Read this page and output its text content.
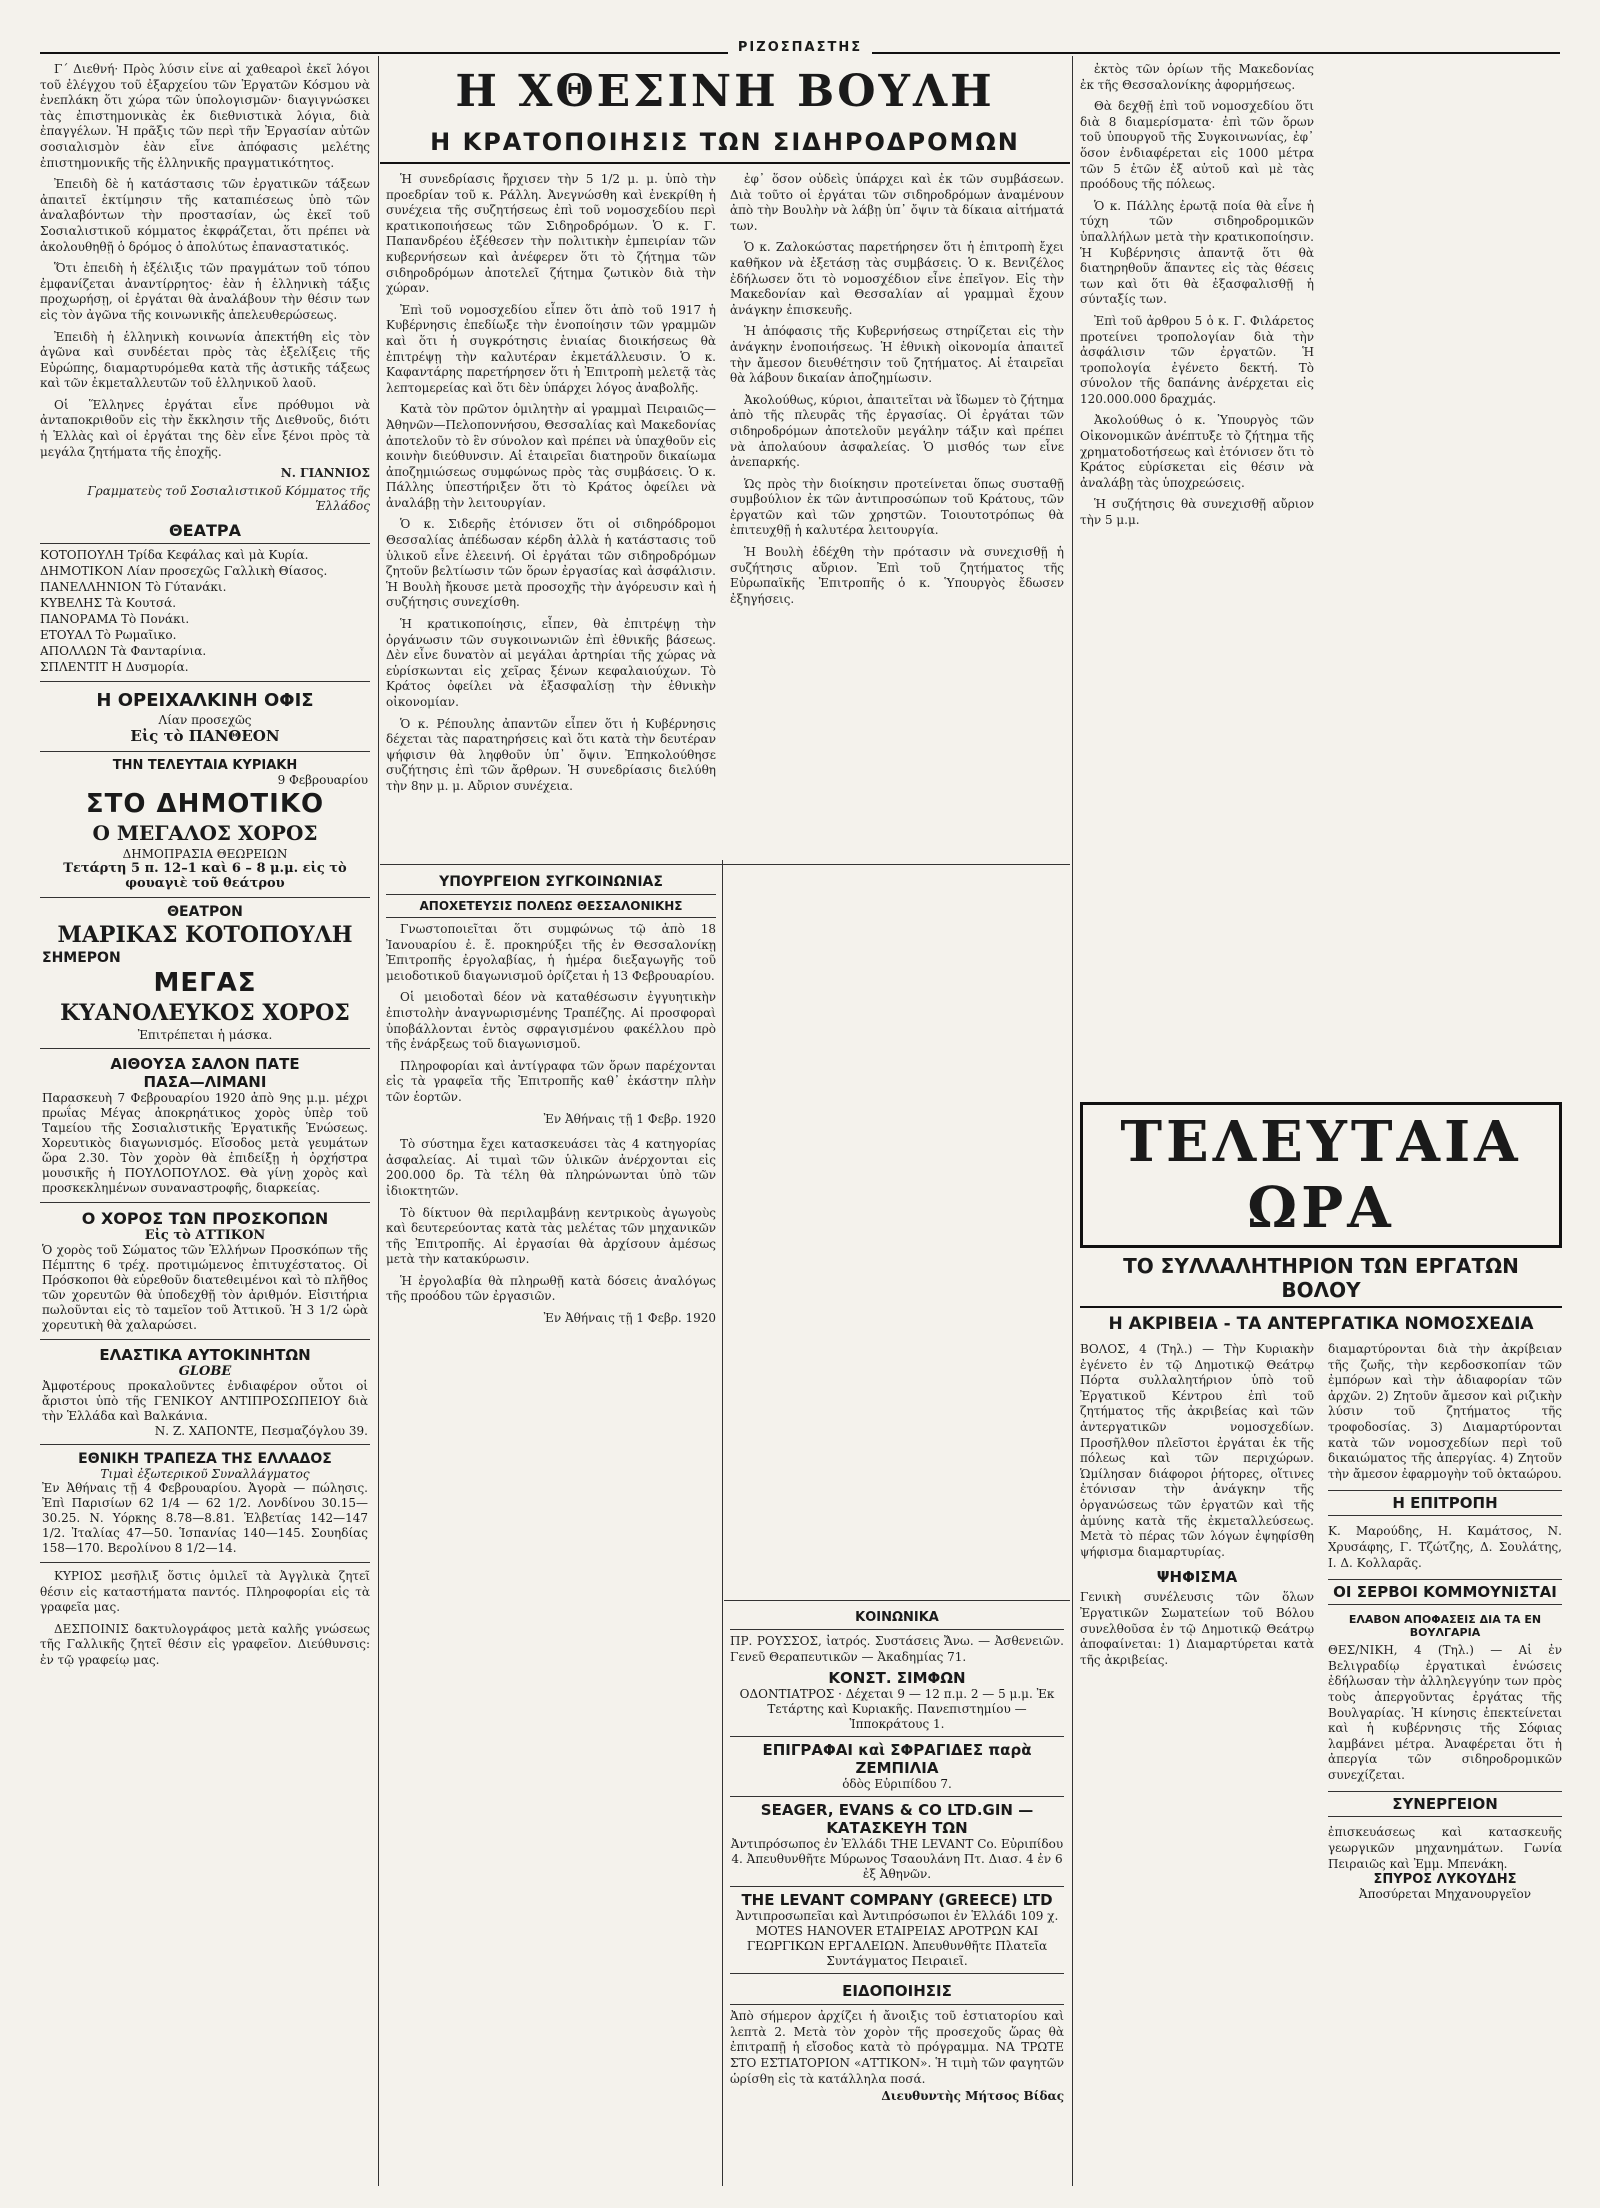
ΡΙΖΟΣΠΑΣΤΗΣ
Η ΧΘΕΣΙΝΗ ΒΟΥΛΗ
Η ΚΡΑΤΟΠΟΙΗΣΙΣ ΤΩΝ ΣΙΔΗΡΟΔΡΟΜΩΝ

Γ΄ Διεθνή· Πρὸς λύσιν εἶνε αἱ χαθεαροὶ ἐκεῖ λόγοι τοῦ ἐλέγχου τοῦ ἐξαρχείου τῶν Ἑργατῶν Κόσμου νὰ ἐνεπλάκη ὅτι χώρα τῶν ὑπολογισμῶν· διαγιγνώσκει τὰς ἐπιστημονικὰς ἐκ διεθνιστικὰ λόγια, διὰ ἐπαγγέλων. Ἡ πρᾶξις τῶν περὶ τῆν Ἐργασίαν αὐτῶν σοσιαλισμὸν ἐὰν εἶνε ἀπόφασις μελέτης ἐπιστημονικῆς τῆς ἑλληνικῆς πραγματικότητος.

Ἐπειδὴ δὲ ἡ κατάστασις τῶν ἐργατικῶν τάξεων ἀπαιτεῖ ἐκτίμησιν τῆς καταπιέσεως ὑπὸ τῶν ἀναλαβόντων τὴν προστασίαν, ὡς ἐκεῖ τοῦ Σοσιαλιστικοῦ κόμματος ἐκφράζεται, ὅτι πρέπει νὰ ἀκολουθηθῇ ὁ δρόμος ὁ ἀπολύτως ἐπαναστατικός.

Ὅτι ἐπειδὴ ἡ ἐξέλιξις τῶν πραγμάτων τοῦ τόπου ἐμφανίζεται ἀναντίρρητος· ἐὰν ἡ ἑλληνικὴ τάξις προχωρήσῃ, οἱ ἐργάται θὰ ἀναλάβουν τὴν θέσιν των εἰς τὸν ἀγῶνα τῆς κοινωνικῆς ἀπελευθερώσεως.

Ἐπειδὴ ἡ ἑλληνικὴ κοινωνία ἀπεκτήθη εἰς τὸν ἀγῶνα καὶ συνδέεται πρὸς τὰς ἐξελίξεις τῆς Εὐρώπης, διαμαρτυρόμεθα κατὰ τῆς ἀστικῆς τάξεως καὶ τῶν ἐκμεταλλευτῶν τοῦ ἑλληνικοῦ λαοῦ.

Οἱ Ἕλληνες ἐργάται εἶνε πρόθυμοι νὰ ἀνταποκριθοῦν εἰς τὴν ἔκκλησιν τῆς Διεθνοῦς, διότι ἡ Ἑλλὰς καὶ οἱ ἐργάται της δὲν εἶνε ξένοι πρὸς τὰ μεγάλα ζητήματα τῆς ἐποχῆς.

Ν. ΓΙΑΝΝΙΟΣ
Γραμματεὺς τοῦ Σοσιαλιστικοῦ Κόμματος τῆς Ἑλλάδος
ΘΕΑΤΡΑ
ΚΟΤΟΠΟΥΛΗ Τρίδα Κεφάλας καὶ μὰ Κυρία.
ΔΗΜΟΤΙΚΟΝ Λίαν προσεχῶς Γαλλικὴ Θίασος.
ΠΑΝΕΛΛΗΝΙΟΝ Τὸ Γύτανάκι.
ΚΥΒΕΛΗΣ Τὰ Κουτσά.
ΠΑΝΟΡΑΜΑ Τὸ Πονάκι.
ΕΤΟΥΑΛ Τὸ Ρωμαῖικο.
ΑΠΟΛΛΩΝ Τὰ Φανταρίνια.
ΣΠΛΕΝΤΙΤ Η Δυσμορία.
Η ΟΡΕΙΧΑΛΚΙΝΗ ΟΦΙΣ
Λίαν προσεχῶς
Εἰς τὸ ΠΑΝΘΕΟΝ
ΤΗΝ ΤΕΛΕΥΤΑΙΑ ΚΥΡΙΑΚΗ
9 Φεβρουαρίου
ΣΤΟ ΔΗΜΟΤΙΚΟ
Ο ΜΕΓΑΛΟΣ ΧΟΡΟΣ
ΔΗΜΟΠΡΑΣΙΑ ΘΕΩΡΕΙΩΝ
Τετάρτη 5 π. 12–1 καὶ 6 – 8 μ.μ. εἰς τὸ φουαγιὲ τοῦ θεάτρου
ΘΕΑΤΡΟΝ
ΜΑΡΙΚΑΣ ΚΟΤΟΠΟΥΛΗ
ΣΗΜΕΡΟΝ
ΜΕΓΑΣ
ΚΥΑΝΟΛΕΥΚΟΣ ΧΟΡΟΣ
Ἐπιτρέπεται ἡ μάσκα.
ΑΙΘΟΥΣΑ ΣΑΛΟΝ ΠΑΤΕ
ΠΑΣΑ—ΛΙΜΑΝΙ
Παρασκευὴ 7 Φεβρουαρίου 1920 ἀπὸ 9ης μ.μ. μέχρι πρωΐας Μέγας ἀποκρηάτικος χορὸς ὑπὲρ τοῦ Ταμείου τῆς Σοσιαλιστικῆς Ἐργατικῆς Ἑνώσεως. Χορευτικὸς διαγωνισμός. Εἴσοδος μετὰ γευμάτων ὥρα 2.30. Τὸν χορὸν θὰ ἐπιδείξῃ ἡ ὀρχήστρα μουσικῆς ἡ ΠΟΥΛΟΠΟΥΛΟΣ. Θὰ γίνῃ χορὸς καὶ προσκεκλημένων συναναστροφῆς, διαρκείας.
Ο ΧΟΡΟΣ ΤΩΝ ΠΡΟΣΚΟΠΩΝ
Εἰς τὸ ΑΤΤΙΚΟΝ
Ὁ χορὸς τοῦ Σώματος τῶν Ἑλλήνων Προσκόπων τῆς Πέμπτης 6 τρέχ. προτιμώμενος ἐπιτυχέστατος. Οἱ Πρόσκοποι θὰ εὑρεθοῦν διατεθειμένοι καὶ τὸ πλῆθος τῶν χορευτῶν θὰ ὑποδεχθῇ τὸν ἀριθμόν. Εἰσιτήρια πωλοῦνται εἰς τὸ ταμεῖον τοῦ Ἀττικοῦ. Ἡ 3 1/2 ὡρὰ χορευτικὴ θὰ χαλαρώσει.
ΕΛΑΣΤΙΚΑ ΑΥΤΟΚΙΝΗΤΩΝ
GLOBE
Ἀμφοτέρους προκαλοῦντες ἐνδιαφέρον οὗτοι οἱ ἄριστοι ὑπὸ τῆς ΓΕΝΙΚΟΥ ΑΝΤΙΠΡΟΣΩΠΕΙΟΥ διὰ τὴν Ἑλλάδα καὶ Βαλκάνια.
Ν. Ζ. ΧΑΠΟΝΤΕ, Πεσμαζόγλου 39.
ΕΘΝΙΚΗ ΤΡΑΠΕΖΑ ΤΗΣ ΕΛΛΑΔΟΣ
Τιμαὶ ἐξωτερικοῦ Συναλλάγματος
Ἐν Ἀθήναις τῇ 4 Φεβρουαρίου. Ἀγορὰ — πώλησις. Ἐπὶ Παρισίων 62 1/4 — 62 1/2. Λονδίνου 30.15—30.25. Ν. Υόρκης 8.78—8.81. Ἑλβετίας 142—147 1/2. Ἰταλίας 47—50. Ἱσπανίας 140—145. Σουηδίας 158—170. Βερολίνου 8 1/2—14.

ΚΥΡΙΟΣ μεσῆλιξ ὅστις ὁμιλεῖ τὰ Ἀγγλικὰ ζητεῖ θέσιν εἰς καταστήματα παντός. Πληροφορίαι εἰς τὰ γραφεῖα μας.

ΔΕΣΠΟΙΝΙΣ δακτυλογράφος μετὰ καλῆς γνώσεως τῆς Γαλλικῆς ζητεῖ θέσιν εἰς γραφεῖον. Διεύθυνσις: ἐν τῷ γραφείῳ μας.

Ἡ συνεδρίασις ἤρχισεν τὴν 5 1/2 μ. μ. ὑπὸ τὴν προεδρίαν τοῦ κ. Ράλλη. Ἀνεγνώσθη καὶ ἐνεκρίθη ἡ συνέχεια τῆς συζητήσεως ἐπὶ τοῦ νομοσχεδίου περὶ κρατικοποιήσεως τῶν Σιδηροδρόμων. Ὁ κ. Γ. Παπανδρέου ἐξέθεσεν τὴν πολιτικὴν ἐμπειρίαν τῶν κυβερνήσεων καὶ ἀνέφερεν ὅτι τὸ ζήτημα τῶν σιδηροδρόμων ἀποτελεῖ ζήτημα ζωτικὸν διὰ τὴν χώραν.

Ἐπὶ τοῦ νομοσχεδίου εἶπεν ὅτι ἀπὸ τοῦ 1917 ἡ Κυβέρνησις ἐπεδίωξε τὴν ἐνοποίησιν τῶν γραμμῶν καὶ ὅτι ἡ συγκρότησις ἑνιαίας διοικήσεως θὰ ἐπιτρέψῃ τὴν καλυτέραν ἐκμετάλλευσιν. Ὁ κ. Καφαντάρης παρετήρησεν ὅτι ἡ Ἐπιτροπὴ μελετᾷ τὰς λεπτομερείας καὶ ὅτι δὲν ὑπάρχει λόγος ἀναβολῆς.

Κατὰ τὸν πρῶτον ὁμιλητὴν αἱ γραμμαὶ Πειραιῶς—Ἀθηνῶν—Πελοποννήσου, Θεσσαλίας καὶ Μακεδονίας ἀποτελοῦν τὸ ἓν σύνολον καὶ πρέπει νὰ ὑπαχθοῦν εἰς κοινὴν διεύθυνσιν. Αἱ ἑταιρεῖαι διατηροῦν δικαίωμα ἀποζημιώσεως συμφώνως πρὸς τὰς συμβάσεις. Ὁ κ. Πάλλης ὑπεστήριξεν ὅτι τὸ Κράτος ὀφείλει νὰ ἀναλάβῃ τὴν λειτουργίαν.

Ὁ κ. Σιδερῆς ἐτόνισεν ὅτι οἱ σιδηρόδρομοι Θεσσαλίας ἀπέδωσαν κέρδη ἀλλὰ ἡ κατάστασις τοῦ ὑλικοῦ εἶνε ἐλεεινή. Οἱ ἐργάται τῶν σιδηροδρόμων ζητοῦν βελτίωσιν τῶν ὅρων ἐργασίας καὶ ἀσφάλισιν. Ἡ Βουλὴ ἤκουσε μετὰ προσοχῆς τὴν ἀγόρευσιν καὶ ἡ συζήτησις συνεχίσθη.

Ἡ κρατικοποίησις, εἶπεν, θὰ ἐπιτρέψῃ τὴν ὀργάνωσιν τῶν συγκοινωνιῶν ἐπὶ ἐθνικῆς βάσεως. Δὲν εἶνε δυνατὸν αἱ μεγάλαι ἀρτηρίαι τῆς χώρας νὰ εὑρίσκωνται εἰς χεῖρας ξένων κεφαλαιούχων. Τὸ Κράτος ὀφείλει νὰ ἐξασφαλίσῃ τὴν ἐθνικὴν οἰκονομίαν.

Ὁ κ. Ρέπουλης ἀπαντῶν εἶπεν ὅτι ἡ Κυβέρνησις δέχεται τὰς παρατηρήσεις καὶ ὅτι κατὰ τὴν δευτέραν ψήφισιν θὰ ληφθοῦν ὑπ᾽ ὄψιν. Ἐπηκολούθησε συζήτησις ἐπὶ τῶν ἄρθρων. Ἡ συνεδρίασις διελύθη τὴν 8ην μ. μ. Αὔριον συνέχεια.

ἐφ᾽ ὅσον οὐδεὶς ὑπάρχει καὶ ἐκ τῶν συμβάσεων. Διὰ τοῦτο οἱ ἐργάται τῶν σιδηροδρόμων ἀναμένουν ἀπὸ τὴν Βουλὴν νὰ λάβῃ ὑπ᾽ ὄψιν τὰ δίκαια αἰτήματά των.

Ὁ κ. Ζαλοκώστας παρετήρησεν ὅτι ἡ ἐπιτροπὴ ἔχει καθῆκον νὰ ἐξετάσῃ τὰς συμβάσεις. Ὁ κ. Βενιζέλος ἐδήλωσεν ὅτι τὸ νομοσχέδιον εἶνε ἐπεῖγον. Εἰς τὴν Μακεδονίαν καὶ Θεσσαλίαν αἱ γραμμαὶ ἔχουν ἀνάγκην ἐπισκευῆς.

Ἡ ἀπόφασις τῆς Κυβερνήσεως στηρίζεται εἰς τὴν ἀνάγκην ἐνοποιήσεως. Ἡ ἐθνικὴ οἰκονομία ἀπαιτεῖ τὴν ἄμεσον διευθέτησιν τοῦ ζητήματος. Αἱ ἑταιρεῖαι θὰ λάβουν δικαίαν ἀποζημίωσιν.

Ἀκολούθως, κύριοι, ἀπαιτεῖται νὰ ἴδωμεν τὸ ζήτημα ἀπὸ τῆς πλευρᾶς τῆς ἐργασίας. Οἱ ἐργάται τῶν σιδηροδρόμων ἀποτελοῦν μεγάλην τάξιν καὶ πρέπει νὰ ἀπολαύουν ἀσφαλείας. Ὁ μισθός των εἶνε ἀνεπαρκής.

Ὡς πρὸς τὴν διοίκησιν προτείνεται ὅπως συσταθῇ συμβούλιον ἐκ τῶν ἀντιπροσώπων τοῦ Κράτους, τῶν ἐργατῶν καὶ τῶν χρηστῶν. Τοιουτοτρόπως θὰ ἐπιτευχθῇ ἡ καλυτέρα λειτουργία.

Ἡ Βουλὴ ἐδέχθη τὴν πρότασιν νὰ συνεχισθῇ ἡ συζήτησις αὔριον. Ἐπὶ τοῦ ζητήματος τῆς Εὐρωπαϊκῆς Ἐπιτροπῆς ὁ κ. Ὑπουργὸς ἔδωσεν ἐξηγήσεις.

ΥΠΟΥΡΓΕΙΟΝ ΣΥΓΚΟΙΝΩΝΙΑΣ
ΑΠΟΧΕΤΕΥΣΙΣ ΠΟΛΕΩΣ ΘΕΣΣΑΛΟΝΙΚΗΣ

Γνωστοποιεῖται ὅτι συμφώνως τῷ ἀπὸ 18 Ἰανουαρίου ἐ. ἔ. προκηρύξει τῆς ἐν Θεσσαλονίκῃ Ἐπιτροπῆς ἐργολαβίας, ἡ ἡμέρα διεξαγωγῆς τοῦ μειοδοτικοῦ διαγωνισμοῦ ὁρίζεται ἡ 13 Φεβρουαρίου.

Οἱ μειοδοταὶ δέον νὰ καταθέσωσιν ἐγγυητικὴν ἐπιστολὴν ἀναγνωρισμένης Τραπέζης. Αἱ προσφοραὶ ὑποβάλλονται ἐντὸς σφραγισμένου φακέλλου πρὸ τῆς ἐνάρξεως τοῦ διαγωνισμοῦ.

Πληροφορίαι καὶ ἀντίγραφα τῶν ὅρων παρέχονται εἰς τὰ γραφεῖα τῆς Ἐπιτροπῆς καθ᾽ ἑκάστην πλὴν τῶν ἑορτῶν.

Ἐν Ἀθήναις τῇ 1 Φεβρ. 1920

Τὸ σύστημα ἔχει κατασκευάσει τὰς 4 κατηγορίας ἀσφαλείας. Αἱ τιμαὶ τῶν ὑλικῶν ἀνέρχονται εἰς 200.000 δρ. Τὰ τέλη θὰ πληρώνωνται ὑπὸ τῶν ἰδιοκτητῶν.

Τὸ δίκτυον θὰ περιλαμβάνῃ κεντρικοὺς ἀγωγοὺς καὶ δευτερεύοντας κατὰ τὰς μελέτας τῶν μηχανικῶν τῆς Ἐπιτροπῆς. Αἱ ἐργασίαι θὰ ἀρχίσουν ἀμέσως μετὰ τὴν κατακύρωσιν.

Ἡ ἐργολαβία θὰ πληρωθῇ κατὰ δόσεις ἀναλόγως τῆς προόδου τῶν ἐργασιῶν.

Ἐν Ἀθήναις τῇ 1 Φεβρ. 1920
ΚΟΙΝΩΝΙΚΑ
ΠΡ. ΡΟΥΣΣΟΣ, ἰατρός. Συστάσεις Ἄνω. — Ἀσθενειῶν. Γενεῦ Θεραπευτικῶν — Ἀκαδημίας 71.
ΚΟΝΣΤ. ΣΙΜΦΩΝ
ΟΔΟΝΤΙΑΤΡΟΣ · Δέχεται 9 — 12 π.μ. 2 — 5 μ.μ. Ἐκ Τετάρτης καὶ Κυριακῆς. Πανεπιστημίου — Ἱπποκράτους 1.
ΕΠΙΓΡΑΦΑΙ καὶ ΣΦΡΑΓΙΔΕΣ παρὰ ΖΕΜΠΙΛΙΑ
ὁδὸς Εὐριπίδου 7.
SEAGER, EVANS & CO LTD.GIN — ΚΑΤΑΣΚΕΥΗ ΤΩΝ
Ἀντιπρόσωπος ἐν Ἑλλάδι THE LEVANT Co. Εὐριπίδου 4. Ἀπευθυνθῆτε Μύρωνος Τσαουλάνη Πτ. Διασ. 4 ἐν 6 ἐξ Ἀθηνῶν.
THE LEVANT COMPANY (GREECE) LTD
Ἀντιπροσωπεῖαι καὶ Ἀντιπρόσωποι ἐν Ἑλλάδι 109 χ. MOTES HANOVER ΕΤΑΙΡΕΙΑΣ ΑΡΟΤΡΩΝ ΚΑΙ ΓΕΩΡΓΙΚΩΝ ΕΡΓΑΛΕΙΩΝ. Ἀπευθυνθῆτε Πλατεῖα Συντάγματος Πειραιεῖ.
ΕΙΔΟΠΟΙΗΣΙΣ
Ἀπὸ σήμερον ἀρχίζει ἡ ἄνοιξις τοῦ ἑστιατορίου καὶ λεπτὰ 2. Μετὰ τὸν χορὸν τῆς προσεχοῦς ὥρας θὰ ἐπιτραπῇ ἡ εἴσοδος κατὰ τὸ πρόγραμμα. ΝΑ ΤΡΩΤΕ ΣΤΟ ΕΣΤΙΑΤΟΡΙΟΝ «ΑΤΤΙΚΟΝ». Ἡ τιμὴ τῶν φαγητῶν ὡρίσθη εἰς τὰ κατάλληλα ποσά.
Διευθυντὴς Μήτσος Βίδας

ἐκτὸς τῶν ὁρίων τῆς Μακεδονίας ἐκ τῆς Θεσσαλονίκης ἀφορμήσεως.

Θὰ δεχθῇ ἐπὶ τοῦ νομοσχεδίου ὅτι διὰ 8 διαμερίσματα· ἐπὶ τῶν ὅρων τοῦ ὑπουργοῦ τῆς Συγκοινωνίας, ἐφ᾽ ὅσον ἐνδιαφέρεται εἰς 1000 μέτρα τῶν 5 ἐτῶν ἐξ αὐτοῦ καὶ μὲ τὰς προόδους τῆς πόλεως.

Ὁ κ. Πάλλης ἐρωτᾷ ποία θὰ εἶνε ἡ τύχη τῶν σιδηροδρομικῶν ὑπαλλήλων μετὰ τὴν κρατικοποίησιν. Ἡ Κυβέρνησις ἀπαντᾷ ὅτι θὰ διατηρηθοῦν ἅπαντες εἰς τὰς θέσεις των καὶ ὅτι θὰ ἐξασφαλισθῇ ἡ σύνταξίς των.

Ἐπὶ τοῦ ἀρθρου 5 ὁ κ. Γ. Φιλάρετος προτείνει τροπολογίαν διὰ τὴν ἀσφάλισιν τῶν ἐργατῶν. Ἡ τροπολογία ἐγένετο δεκτή. Τὸ σύνολον τῆς δαπάνης ἀνέρχεται εἰς 120.000.000 δραχμάς.

Ἀκολούθως ὁ κ. Ὑπουργὸς τῶν Οἰκονομικῶν ἀνέπτυξε τὸ ζήτημα τῆς χρηματοδοτήσεως καὶ ἐτόνισεν ὅτι τὸ Κράτος εὑρίσκεται εἰς θέσιν νὰ ἀναλάβῃ τὰς ὑποχρεώσεις.

Ἡ συζήτησις θὰ συνεχισθῇ αὔριον τὴν 5 μ.μ.

ΤΕΛΕΥΤΑΙΑ ΩΡΑ
ΤΟ ΣΥΛΛΑΛΗΤΗΡΙΟΝ ΤΩΝ ΕΡΓΑΤΩΝ ΒΟΛΟΥ
Η ΑΚΡΙΒΕΙΑ - ΤΑ ΑΝΤΕΡΓΑΤΙΚΑ ΝΟΜΟΣΧΕΔΙΑ
ΒΟΛΟΣ, 4 (Τηλ.) — Τὴν Κυριακὴν ἐγένετο ἐν τῷ Δημοτικῷ Θεάτρῳ Πόρτα συλλαλητήριον ὑπὸ τοῦ Ἐργατικοῦ Κέντρου ἐπὶ τοῦ ζητήματος τῆς ἀκριβείας καὶ τῶν ἀντεργατικῶν νομοσχεδίων. Προσῆλθον πλεῖστοι ἐργάται ἐκ τῆς πόλεως καὶ τῶν περιχώρων. Ὡμίλησαν διάφοροι ῥήτορες, οἵτινες ἐτόνισαν τὴν ἀνάγκην τῆς ὀργανώσεως τῶν ἐργατῶν καὶ τῆς ἀμύνης κατὰ τῆς ἐκμεταλλεύσεως. Μετὰ τὸ πέρας τῶν λόγων ἐψηφίσθη ψήφισμα διαμαρτυρίας.
ΨΗΦΙΣΜΑ
Γενικὴ συνέλευσις τῶν ὅλων Ἐργατικῶν Σωματείων τοῦ Βόλου συνελθοῦσα ἐν τῷ Δημοτικῷ Θεάτρῳ ἀποφαίνεται: 1) Διαμαρτύρεται κατὰ τῆς ἀκριβείας.
διαμαρτύρονται διὰ τὴν ἀκρίβειαν τῆς ζωῆς, τὴν κερδοσκοπίαν τῶν ἐμπόρων καὶ τὴν ἀδιαφορίαν τῶν ἀρχῶν. 2) Ζητοῦν ἄμεσον καὶ ριζικὴν λύσιν τοῦ ζητήματος τῆς τροφοδοσίας. 3) Διαμαρτύρονται κατὰ τῶν νομοσχεδίων περὶ τοῦ δικαιώματος τῆς ἀπεργίας. 4) Ζητοῦν τὴν ἄμεσον ἐφαρμογὴν τοῦ ὀκταώρου.
Η ΕΠΙΤΡΟΠΗ
Κ. Μαρούδης, Η. Καμάτσος, Ν. Χρυσάφης, Γ. Τζώτζης, Δ. Σουλάτης, Ι. Δ. Κολλαρᾶς.
ΟΙ ΣΕΡΒΟΙ ΚΟΜΜΟΥΝΙΣΤΑΙ
ΕΛΑΒΟΝ ΑΠΟΦΑΣΕΙΣ ΔΙΑ ΤΑ ΕΝ ΒΟΥΛΓΑΡΙΑ
ΘΕΣ/ΝΙΚΗ, 4 (Τηλ.) — Αἱ ἐν Βελιγραδίῳ ἐργατικαὶ ἑνώσεις ἐδήλωσαν τὴν ἀλληλεγγύην των πρὸς τοὺς ἀπεργοῦντας ἐργάτας τῆς Βουλγαρίας. Ἡ κίνησις ἐπεκτείνεται καὶ ἡ κυβέρνησις τῆς Σόφιας λαμβάνει μέτρα. Ἀναφέρεται ὅτι ἡ ἀπεργία τῶν σιδηροδρομικῶν συνεχίζεται.
ΣΥΝΕΡΓΕΙΟΝ
ἐπισκευάσεως καὶ κατασκευῆς γεωργικῶν μηχανημάτων. Γωνία Πειραιῶς καὶ Ἐμμ. Μπενάκη.
ΣΠΥΡΟΣ ΛΥΚΟΥΔΗΣ
Ἀποσύρεται Μηχανουργεῖον
